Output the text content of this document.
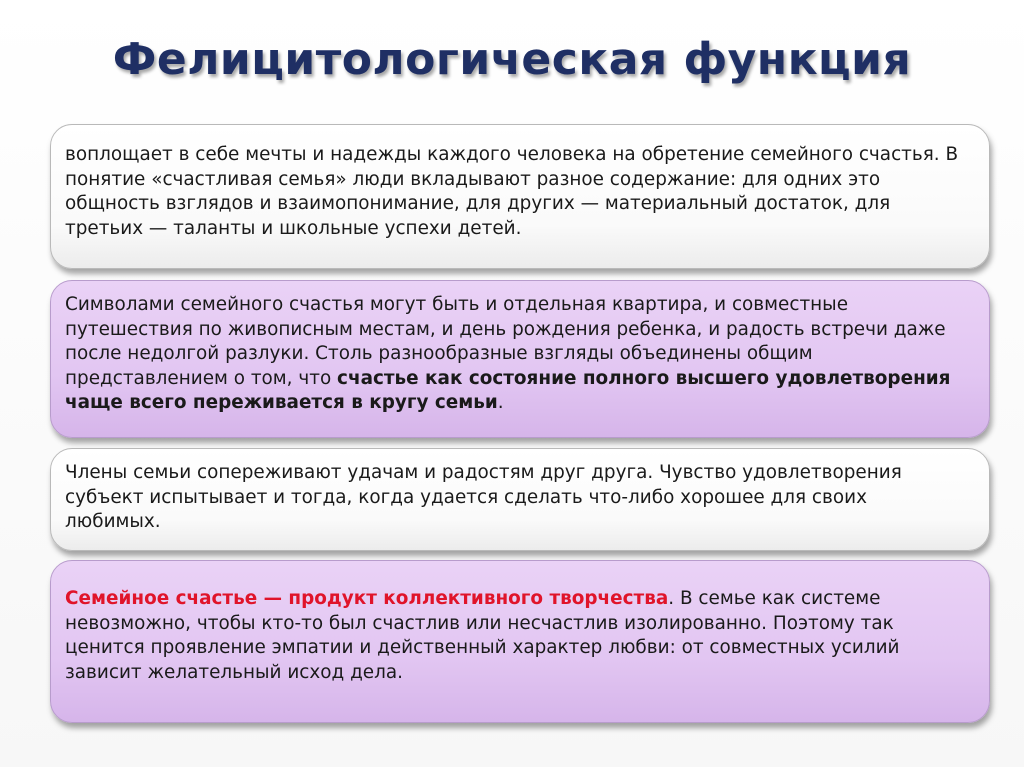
Фелицитологическая функция

воплощает в себе мечты и надежды каждого человека на обретение семейного счастья. В понятие «счастливая семья» люди вкладывают разное содержание: для одних это общность взглядов и взаимопонимание, для других — материальный достаток, для третьих — таланты и школьные успехи детей.

Символами семейного счастья могут быть и отдельная квартира, и совместные путешествия по живописным местам, и день рождения ребенка, и радость встречи даже после недолгой разлуки. Столь разнообразные взгляды объединены общим представлением о том, что счастье как состояние полного высшего удовлетворения чаще всего переживается в кругу семьи.

Члены семьи сопереживают удачам и радостям друг друга. Чувство удовлетворения субъект испытывает и тогда, когда удается сделать что-либо хорошее для своих любимых.

Семейное счастье — продукт коллективного творчества. В семье как системе невозможно, чтобы кто-то был счастлив или несчастлив изолированно. Поэтому так ценится проявление эмпатии и действенный характер любви: от совместных усилий зависит желательный исход дела.
